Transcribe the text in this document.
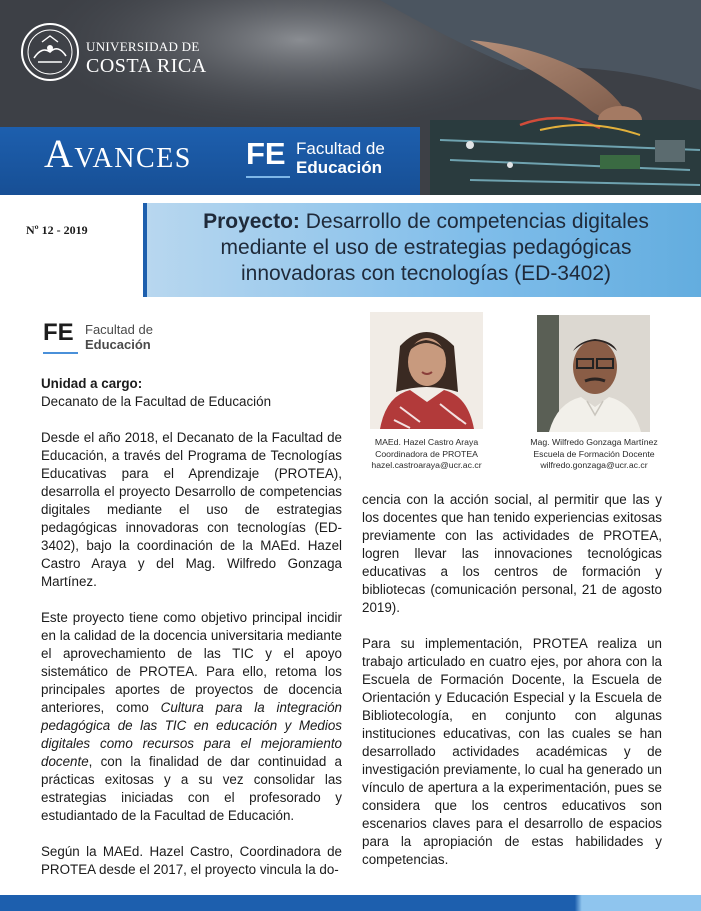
UNIVERSIDAD DE
COSTA RICA
Avances FE Facultad de
Educación
Nº 12 - 2019	Proyecto: Desarrollo de competencias digitales
mediante el uso de estrategias pedagógicas
innovadoras con tecnologías (ED-3402)
FE Facultad de
Educación

Unidad a cargo:

Decanato de la Facultad de Educación

Desde el año 2018, el Decanato de la Facultad de Educación, a través del Programa de Tecnologías Educativas para el Aprendizaje (PROTEA), desarrolla el proyecto Desarrollo de competencias digitales mediante el uso de estrategias pedagógicas innovadoras con tecnologías (ED-3402), bajo la coordinación de la MAEd. Hazel Castro Araya y del Mag. Wilfredo Gonzaga Martínez.

Este proyecto tiene como objetivo principal incidir en la calidad de la docencia universitaria mediante el aprovechamiento de las TIC y el apoyo sistemático de PROTEA. Para ello, retoma los principales aportes de proyectos de docencia anteriores, como Cultura para la integración pedagógica de las TIC en educación y Medios digitales como recursos para el mejoramiento docente, con la finalidad de dar continuidad a prácticas exitosas y a su vez consolidar las estrategias iniciadas con el profesorado y estudiantado de la Facultad de Educación.

Según la MAEd. Hazel Castro, Coordinadora de PROTEA desde el 2017, el proyecto vincula la do-

MAEd. Hazel Castro Araya
Coordinadora de PROTEA
hazel.castroaraya@ucr.ac.cr
Mag. Wilfredo Gonzaga Martínez
Escuela de Formación Docente
wilfredo.gonzaga@ucr.ac.cr

cencia con la acción social, al permitir que las y los docentes que han tenido experiencias exitosas previamente con las actividades de PROTEA, logren llevar las innovaciones tecnológicas educativas a los centros de formación y bibliotecas (comunicación personal, 21 de agosto 2019).

Para su implementación, PROTEA realiza un trabajo articulado en cuatro ejes, por ahora con la Escuela de Formación Docente, la Escuela de Orientación y Educación Especial y la Escuela de Bibliotecología, en conjunto con algunas instituciones educativas, con las cuales se han desarrollado actividades académicas y de investigación previamente, lo cual ha generado un vínculo de apertura a la experimentación, pues se considera que los centros educativos son escenarios claves para el desarrollo de espacios para la apropiación de estas habilidades y competencias.
